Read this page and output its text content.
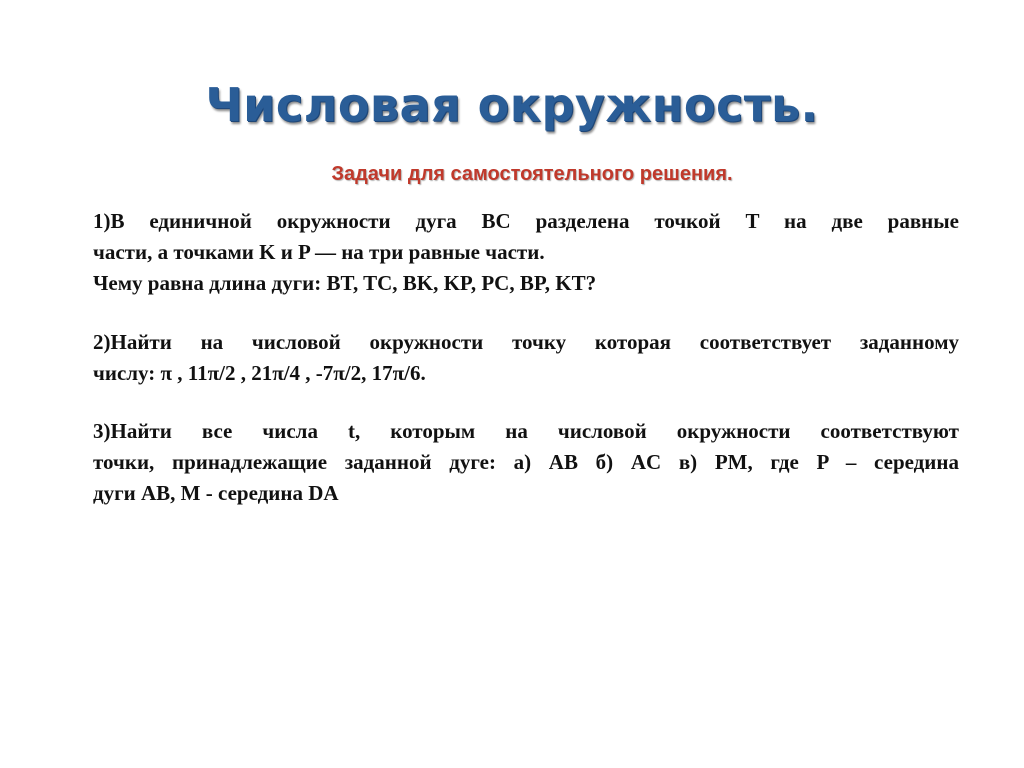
Числовая окружность.
Задачи для самостоятельного решения.
1)В единичной окружности дуга BC разделена точкой T на две равные
части, а точками K и P — на три равные части.
Чему равна длина дуги: BT, TC, BK, KP, PC, BP, KT?
2)Найти на числовой окружности точку которая соответствует заданному
числу: π , 11π/2 , 21π/4 , -7π/2, 17π/6.
3)Найти все числа t, которым на числовой окружности соответствуют
точки, принадлежащие заданной дуге: а) AB б) AC в) PM, где P – середина
дуги AB, M - середина DA
